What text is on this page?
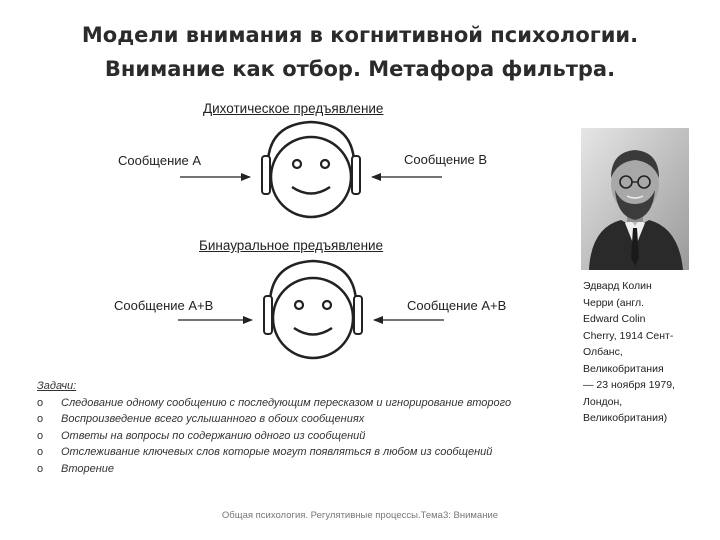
Модели внимания в когнитивной психологии.
Внимание как отбор. Метафора фильтра.
Дихотическое предъявление
Сообщение А	Сообщение В
Бинауральное предъявление
Сообщение А+В	Сообщение А+В
Эдвард Колин
Черри (англ.
Edward Colin
Cherry, 1914 Сент-
Олбанс,
Великобритания
— 23 ноября 1979,
Лондон,
Великобритания)
Задачи:
o Следование одному сообщению с последующим пересказом и игнорирование второго
o Воспроизведение всего услышанного в обоих сообщениях
o Ответы на вопросы по содержанию одного из сообщений
o Отслеживание ключевых слов которые могут появляться в любом из сообщений
o Вторение
Общая психология. Регулятивные процессы.Тема3: Внимание
